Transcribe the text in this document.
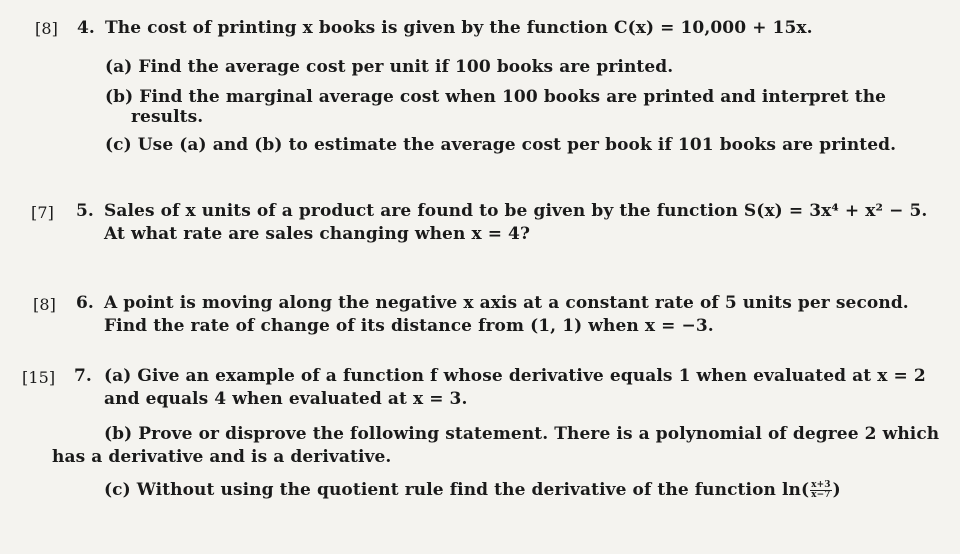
[8] 4. The cost of printing x books is given by the function C(x) = 10,000 + 15x.
(a) Find the average cost per unit if 100 books are printed.
(b) Find the marginal average cost when 100 books are printed and interpret the
results.
(c) Use (a) and (b) to estimate the average cost per book if 101 books are printed.
[7] 5. Sales of x units of a product are found to be given by the function S(x) = 3x⁴ + x² − 5.
At what rate are sales changing when x = 4?
[8] 6. A point is moving along the negative x axis at a constant rate of 5 units per second.
Find the rate of change of its distance from (1, 1) when x = −3.
[15] 7. (a) Give an example of a function f whose derivative equals 1 when evaluated at x = 2
and equals 4 when evaluated at x = 3.
(b) Prove or disprove the following statement. There is a polynomial of degree 2 which
has a derivative and is a derivative.
(c) Without using the quotient rule find the derivative of the function $\ln( \frac{x+3}{x-7}$ )
